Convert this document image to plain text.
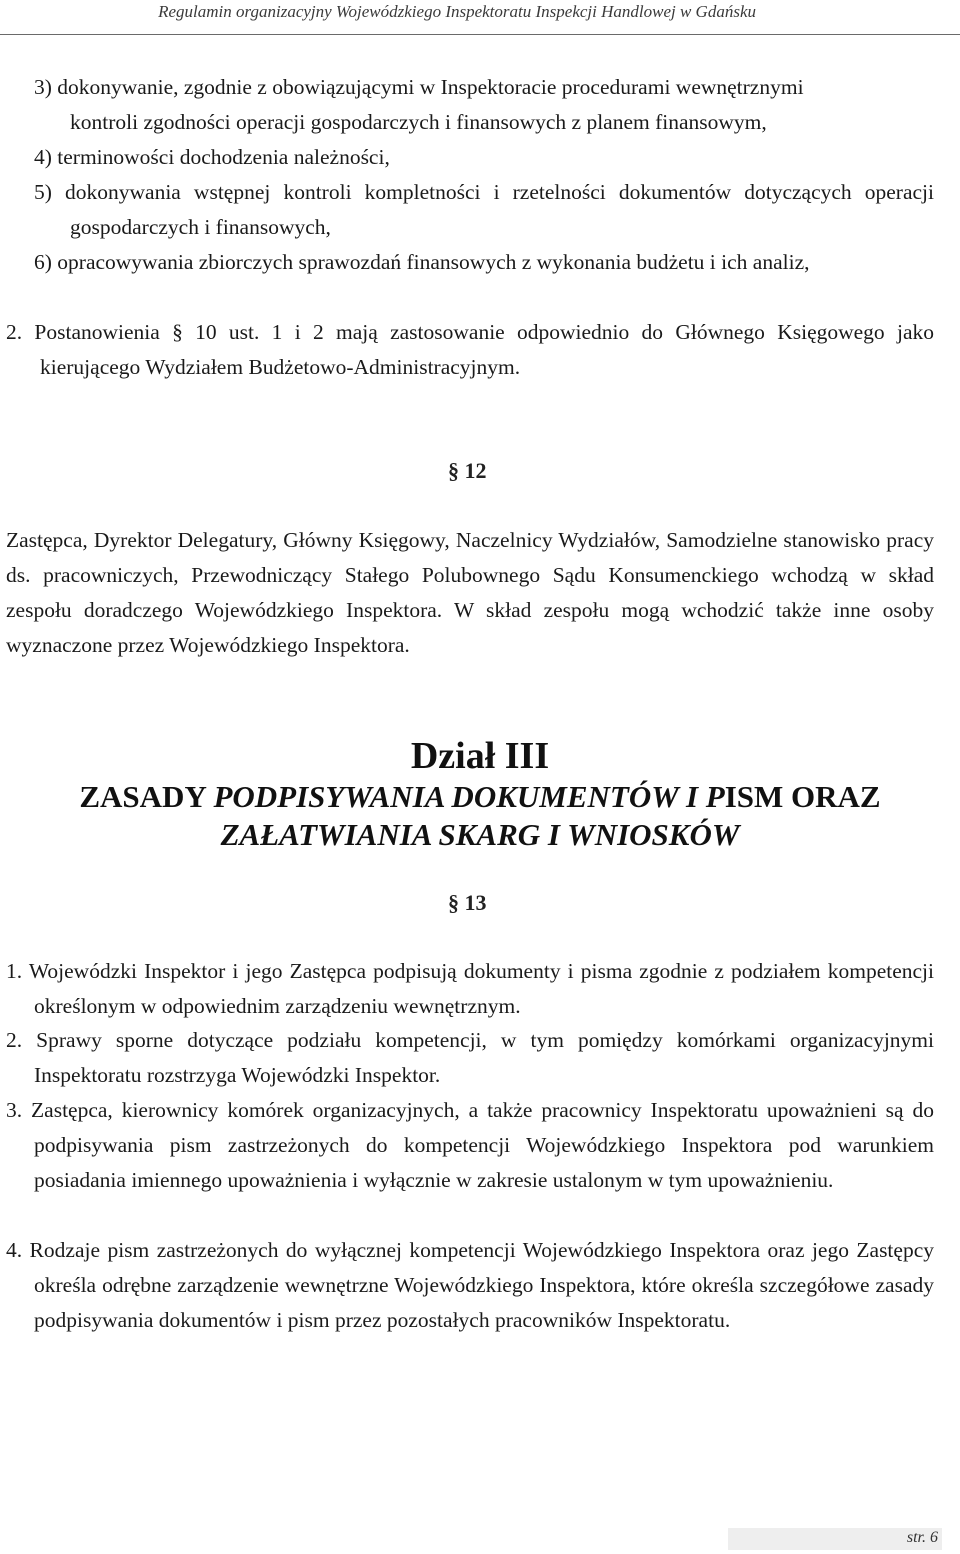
Regulamin organizacyjny Wojewódzkiego Inspektoratu Inspekcji Handlowej w Gdańsku
3) dokonywanie, zgodnie z obowiązującymi w Inspektoracie procedurami wewnętrznymi
kontroli zgodności operacji gospodarczych i finansowych z planem finansowym,
4) terminowości dochodzenia należności,
5) dokonywania wstępnej kontroli kompletności i rzetelności dokumentów dotyczących operacji gospodarczych i finansowych,
6) opracowywania zbiorczych sprawozdań finansowych z wykonania budżetu i ich analiz,
2. Postanowienia § 10 ust. 1 i 2 mają zastosowanie odpowiednio do Głównego Księgowego jako kierującego Wydziałem Budżetowo-Administracyjnym.
§ 12
Zastępca, Dyrektor Delegatury, Główny Księgowy, Naczelnicy Wydziałów, Samodzielne stanowisko pracy ds. pracowniczych, Przewodniczący Stałego Polubownego Sądu Konsumenckiego wchodzą w skład zespołu doradczego Wojewódzkiego Inspektora. W skład zespołu mogą wchodzić także inne osoby wyznaczone przez Wojewódzkiego Inspektora.
Dział III
ZASADY PODPISYWANIA DOKUMENTÓW I PISM ORAZ
ZAŁATWIANIA SKARG I WNIOSKÓW
§ 13
1. Wojewódzki Inspektor i jego Zastępca podpisują dokumenty i pisma zgodnie z podziałem kompetencji określonym w odpowiednim zarządzeniu wewnętrznym.
2. Sprawy sporne dotyczące podziału kompetencji, w tym pomiędzy komórkami organizacyjnymi Inspektoratu rozstrzyga Wojewódzki Inspektor.
3. Zastępca, kierownicy komórek organizacyjnych, a także pracownicy Inspektoratu upoważnieni są do podpisywania pism zastrzeżonych do kompetencji Wojewódzkiego Inspektora pod warunkiem posiadania imiennego upoważnienia i wyłącznie w zakresie ustalonym w tym upoważnieniu.
4. Rodzaje pism zastrzeżonych do wyłącznej kompetencji Wojewódzkiego Inspektora oraz jego Zastępcy określa odrębne zarządzenie wewnętrzne Wojewódzkiego Inspektora, które określa szczegółowe zasady podpisywania dokumentów i pism przez pozostałych pracowników Inspektoratu.
str. 6
